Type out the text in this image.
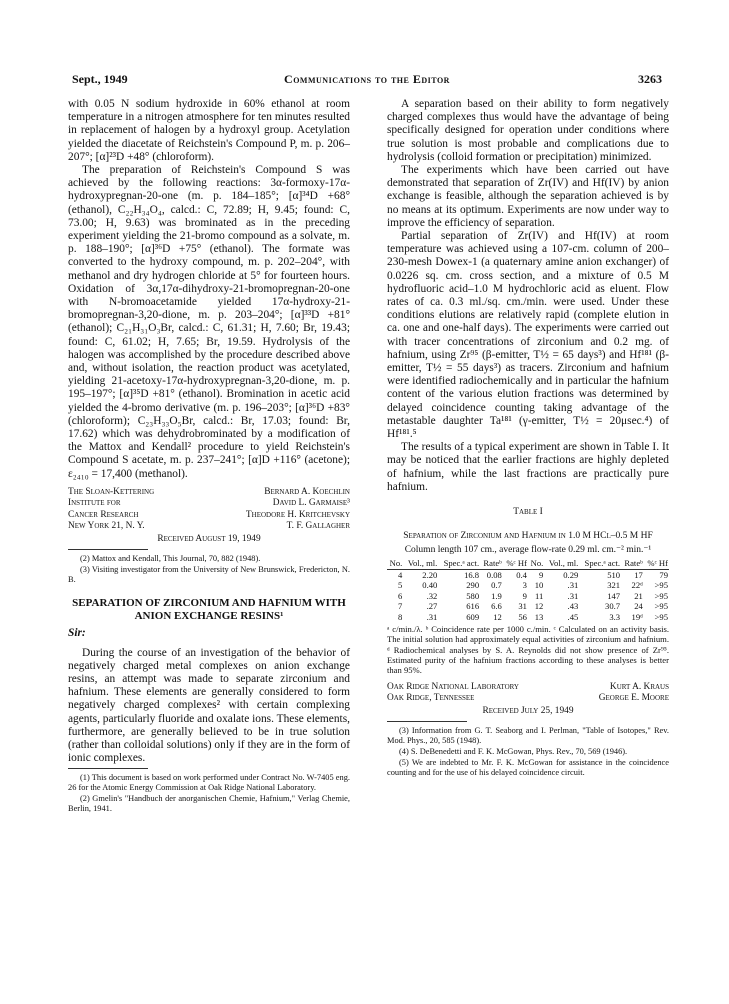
Sept., 1949	Communications to the Editor	3263

with 0.05 N sodium hydroxide in 60% ethanol at room temperature in a nitrogen atmosphere for ten minutes resulted in replacement of halogen by a hydroxyl group. Acetylation yielded the diacetate of Reichstein's Compound P, m. p. 206–207°; [α]²³D +48° (chloroform).

The preparation of Reichstein's Compound S was achieved by the following reactions: 3α-formoxy-17α-hydroxypregnan-20-one (m. p. 184–185°; [α]³⁴D +68° (ethanol), C₂₂H₃₄O₄, calcd.: C, 72.89; H, 9.45; found: C, 73.00; H, 9.63) was brominated as in the preceding experiment yielding the 21-bromo compound as a solvate, m. p. 188–190°; [α]³⁶D +75° (ethanol). The formate was converted to the hydroxy compound, m. p. 202–204°, with methanol and dry hydrogen chloride at 5° for fourteen hours. Oxidation of 3α,17α-dihydroxy-21-bromopregnan-20-one with N-bromoacetamide yielded 17α-hydroxy-21-bromopregnan-3,20-dione, m. p. 203–204°; [α]³³D +81° (ethanol); C₂₁H₃₁O₃Br, calcd.: C, 61.31; H, 7.60; Br, 19.43; found: C, 61.02; H, 7.65; Br, 19.59. Hydrolysis of the halogen was accomplished by the procedure described above and, without isolation, the reaction product was acetylated, yielding 21-acetoxy-17α-hydroxypregnan-3,20-dione, m. p. 195–197°; [α]³⁵D +81° (ethanol). Bromination in acetic acid yielded the 4-bromo derivative (m. p. 196–203°; [α]³⁶D +83° (chloroform); C₂₃H₃₃O₅Br, calcd.: Br, 17.03; found: Br, 17.62) which was dehydrobrominated by a modification of the Mattox and Kendall² procedure to yield Reichstein's Compound S acetate, m. p. 237–241°; [α]D +116° (acetone); ε₂₄₁₀ = 17,400 (methanol).

The Sloan-Kettering	Bernard A. Koechlin
Institute for	David L. Garmaise³
Cancer Research	Theodore H. Kritchevsky
New York 21, N. Y.	T. F. Gallagher
Received August 19, 1949

(2) Mattox and Kendall, This Journal, 70, 882 (1948).

(3) Visiting investigator from the University of New Brunswick, Fredericton, N. B.

SEPARATION OF ZIRCONIUM AND HAFNIUM WITH ANION EXCHANGE RESINS¹
Sir:

During the course of an investigation of the behavior of negatively charged metal complexes on anion exchange resins, an attempt was made to separate zirconium and hafnium. These elements are generally considered to form negatively charged complexes² with certain complexing agents, particularly fluoride and oxalate ions. These elements, furthermore, are generally believed to be in true solution (rather than colloidal solutions) only if they are in the form of ionic complexes.

(1) This document is based on work performed under Contract No. W-7405 eng. 26 for the Atomic Energy Commission at Oak Ridge National Laboratory.

(2) Gmelin's "Handbuch der anorganischen Chemie, Hafnium," Verlag Chemie, Berlin, 1941.

A separation based on their ability to form negatively charged complexes thus would have the advantage of being specifically designed for operation under conditions where true solution is most probable and complications due to hydrolysis (colloid formation or precipitation) minimized.

The experiments which have been carried out have demonstrated that separation of Zr(IV) and Hf(IV) by anion exchange is feasible, although the separation achieved is by no means at its optimum. Experiments are now under way to improve the efficiency of separation.

Partial separation of Zr(IV) and Hf(IV) at room temperature was achieved using a 107-cm. column of 200–230-mesh Dowex-1 (a quaternary amine anion exchanger) of 0.0226 sq. cm. cross section, and a mixture of 0.5 M hydrofluoric acid–1.0 M hydrochloric acid as eluent. Flow rates of ca. 0.3 ml./sq. cm./min. were used. Under these conditions elutions are relatively rapid (complete elution in ca. one and one-half days). The experiments were carried out with tracer concentrations of zirconium and 0.2 mg. of hafnium, using Zr⁹⁵ (β-emitter, T½ = 65 days³) and Hf¹⁸¹ (β-emitter, T½ = 55 days³) as tracers. Zirconium and hafnium were identified radiochemically and in particular the hafnium content of the various elution fractions was determined by delayed coincidence counting taking advantage of the metastable daughter Ta¹⁸¹ (γ-emitter, T½ = 20μsec.⁴) of Hf¹⁸¹.⁵

The results of a typical experiment are shown in Table I. It may be noticed that the earlier fractions are highly depleted of hafnium, while the last fractions are practically pure hafnium.

Table I
Separation of Zirconium and Hafnium in 1.0 M HCl–0.5 M HF
Column length 107 cm., average flow-rate 0.29 ml. cm.⁻² min.⁻¹
No.	Vol., ml.	Spec.ᵃ act.	Rateᵇ	%ᶜ Hf	No.	Vol., ml.	Spec.ᵃ act.	Rateᵇ	%ᶜ Hf
4	2.20	16.8	0.08	0.4	9	0.29	510	17	79
5	0.40	290	0.7	3	10	.31	321	22ᵈ	>95
6	.32	580	1.9	9	11	.31	147	21	>95
7	.27	616	6.6	31	12	.43	30.7	24	>95
8	.31	609	12	56	13	.45	3.3	19ᵈ	>95
ᵃ c/min./λ. ᵇ Coincidence rate per 1000 c./min. ᶜ Calculated on an activity basis. The initial solution had approximately equal activities of zirconium and hafnium. ᵈ Radiochemical analyses by S. A. Reynolds did not show presence of Zr⁹⁵. Estimated purity of the hafnium fractions according to these analyses is better than 95%.
Oak Ridge National Laboratory	Kurt A. Kraus
Oak Ridge, Tennessee	George E. Moore
Received July 25, 1949

(3) Information from G. T. Seaborg and I. Perlman, "Table of Isotopes," Rev. Mod. Phys., 20, 585 (1948).

(4) S. DeBenedetti and F. K. McGowan, Phys. Rev., 70, 569 (1946).

(5) We are indebted to Mr. F. K. McGowan for assistance in the coincidence counting and for the use of his delayed coincidence circuit.
